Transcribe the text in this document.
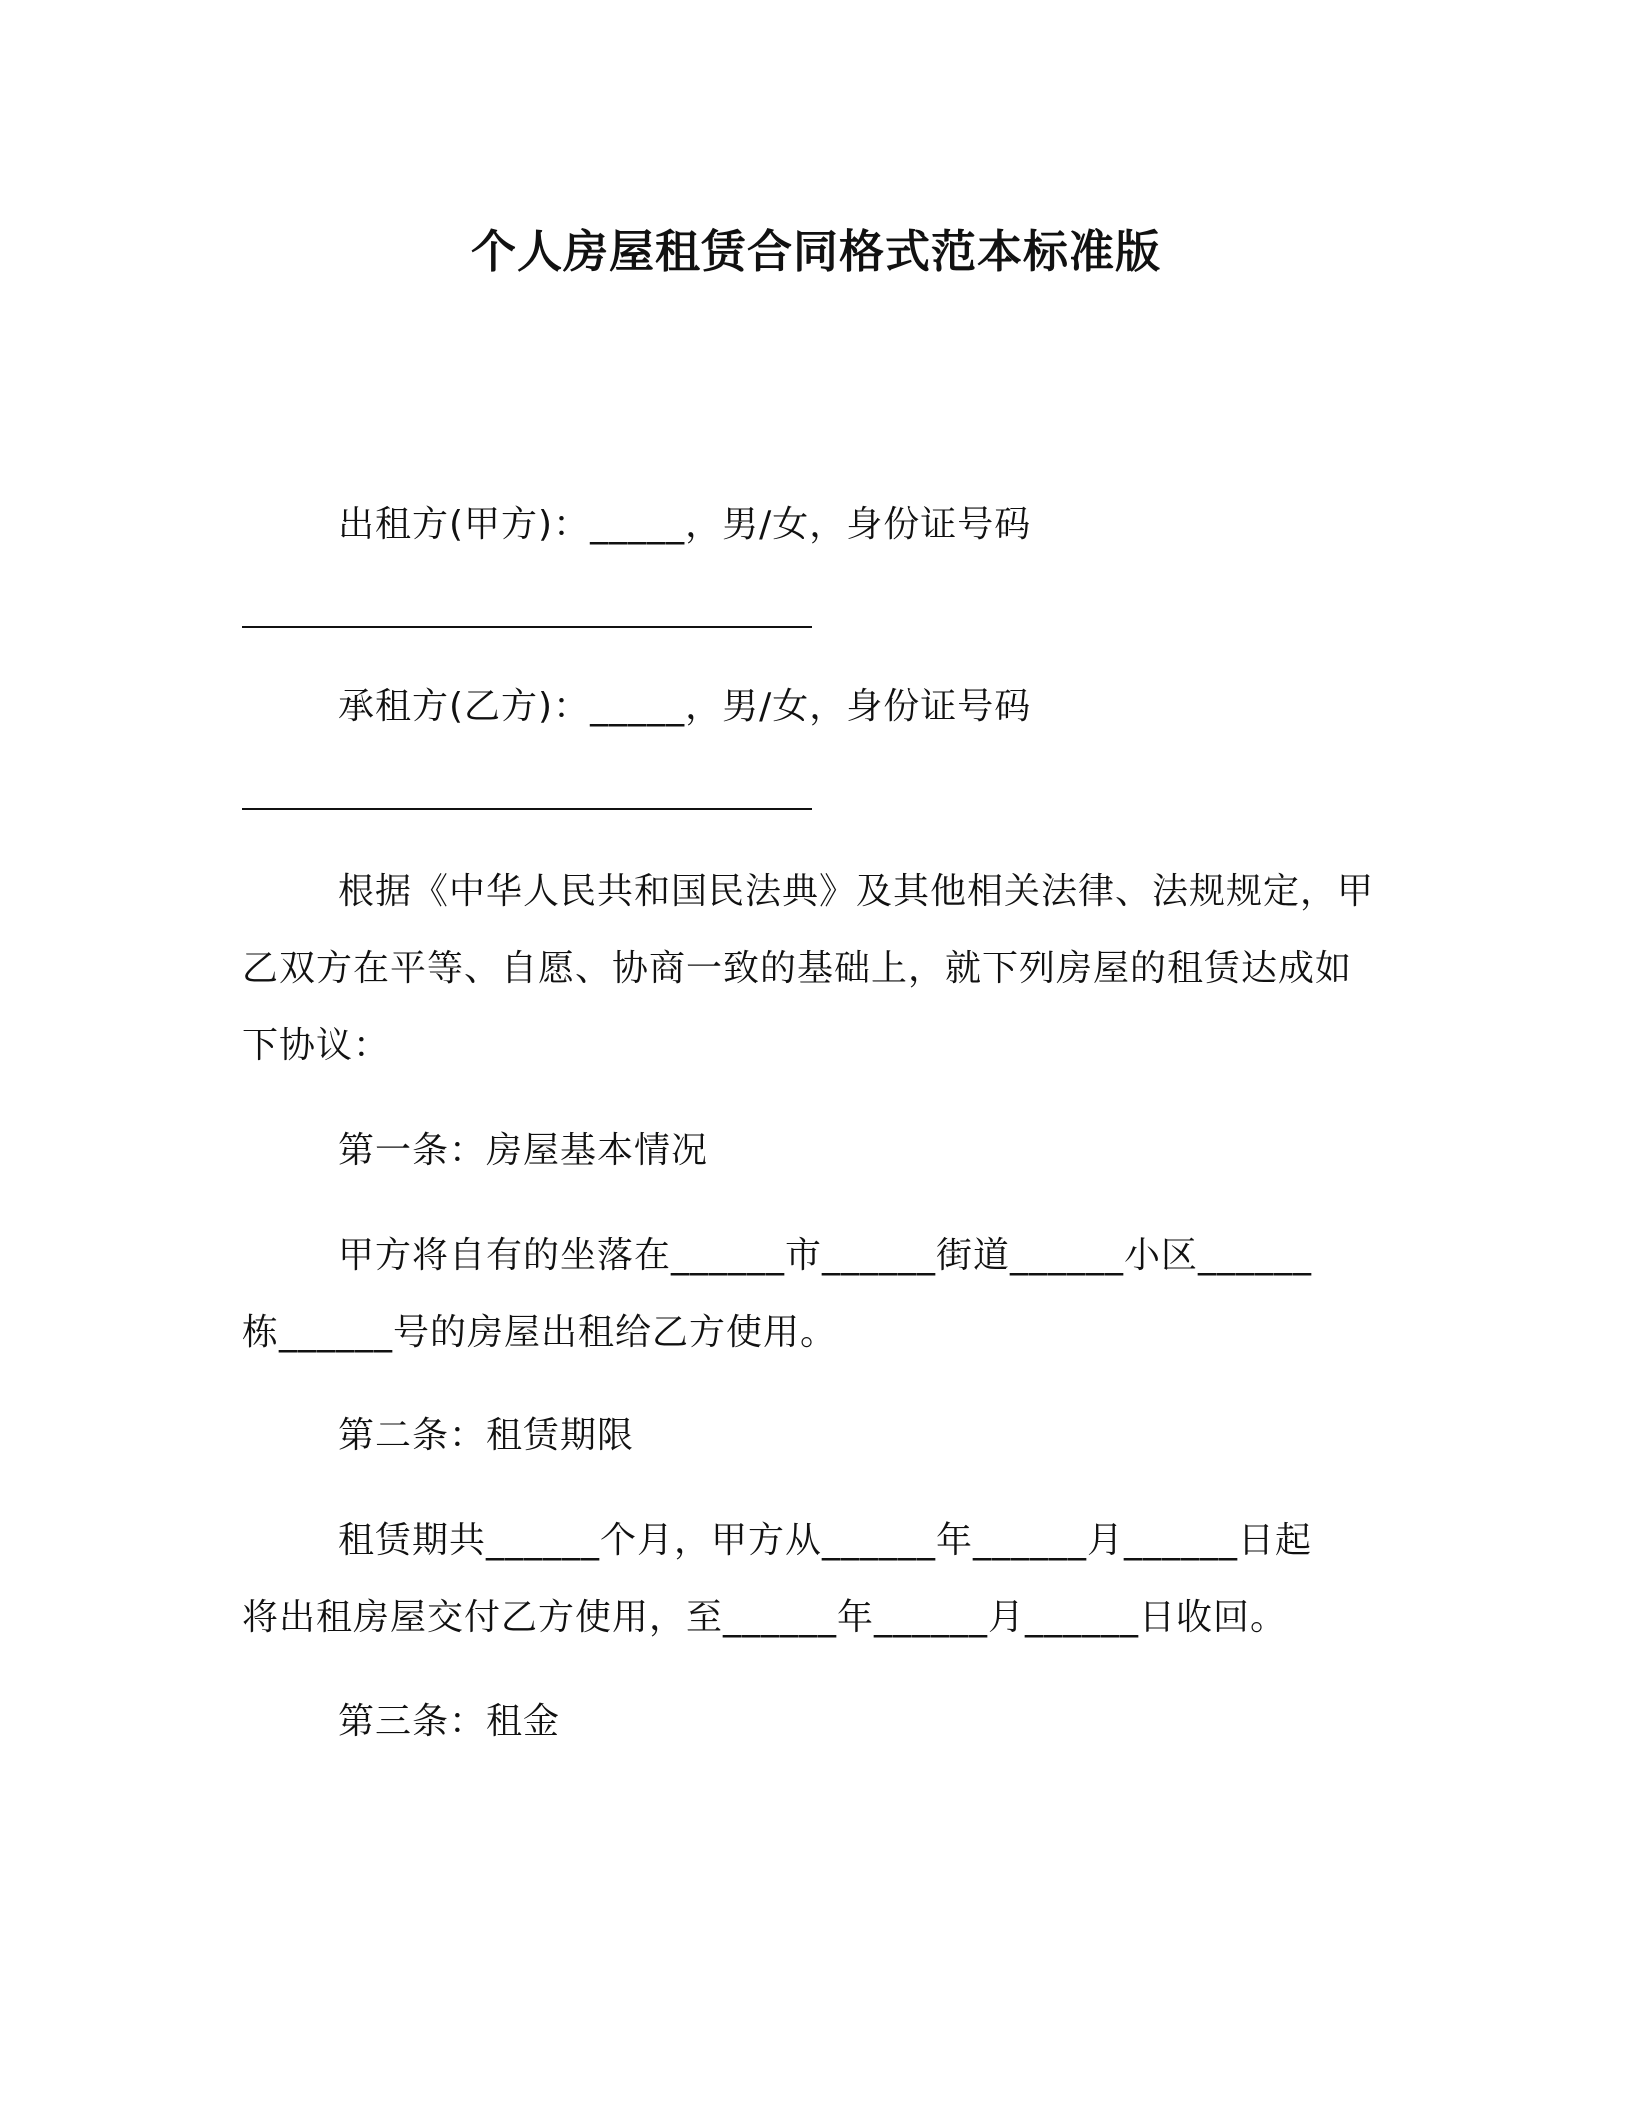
个人房屋租赁合同格式范本标准版
出租方(甲方)：_____，男/女，身份证号码
承租方(乙方)：_____，男/女，身份证号码
根据《中华人民共和国民法典》及其他相关法律、法规规定，甲
乙双方在平等、自愿、协商一致的基础上，就下列房屋的租赁达成如
下协议：
第一条：房屋基本情况
甲方将自有的坐落在______市______街道______小区______
栋______号的房屋出租给乙方使用。
第二条：租赁期限
租赁期共______个月，甲方从______年______月______日起
将出租房屋交付乙方使用，至______年______月______日收回。
第三条：租金
